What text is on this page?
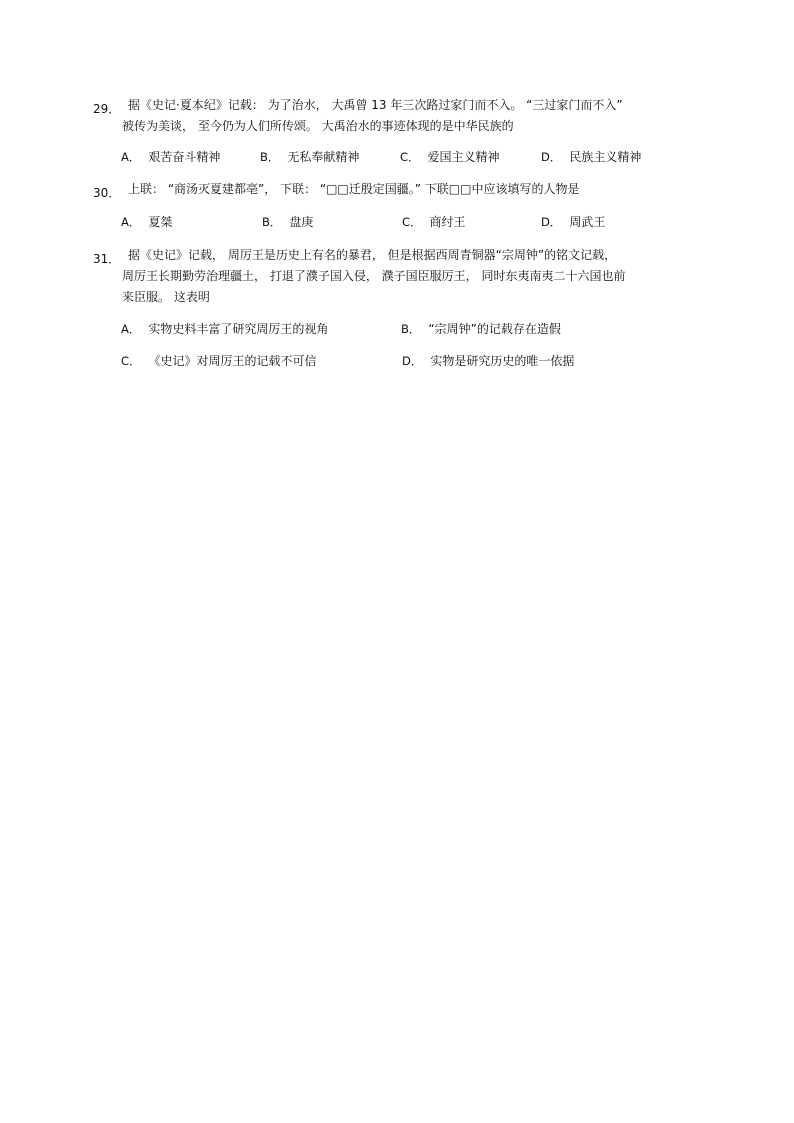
29． 据《史记·夏本纪》记载： 为了治水， 大禹曾 13 年三次路过家门而不入。 “三过家门而不入”
被传为美谈， 至今仍为人们所传颂。 大禹治水的事迹体现的是中华民族的
A． 艰苦奋斗精神	B． 无私奉献精神	C． 爱国主义精神	D． 民族主义精神
30． 上联： “商汤灭夏建都亳”， 下联： “□□迁殷定国疆。” 下联□□中应该填写的人物是
A． 夏桀	B． 盘庚	C． 商纣王	D． 周武王
31． 据《史记》记载， 周厉王是历史上有名的暴君， 但是根据西周青铜器“宗周钟”的铭文记载，
周厉王长期勤劳治理疆土， 打退了濮子国入侵， 濮子国臣服厉王， 同时东夷南夷二十六国也前
来臣服。 这表明
A． 实物史料丰富了研究周厉王的视角	B． “宗周钟”的记载存在造假
C． 《史记》对周厉王的记载不可信	D． 实物是研究历史的唯一依据
